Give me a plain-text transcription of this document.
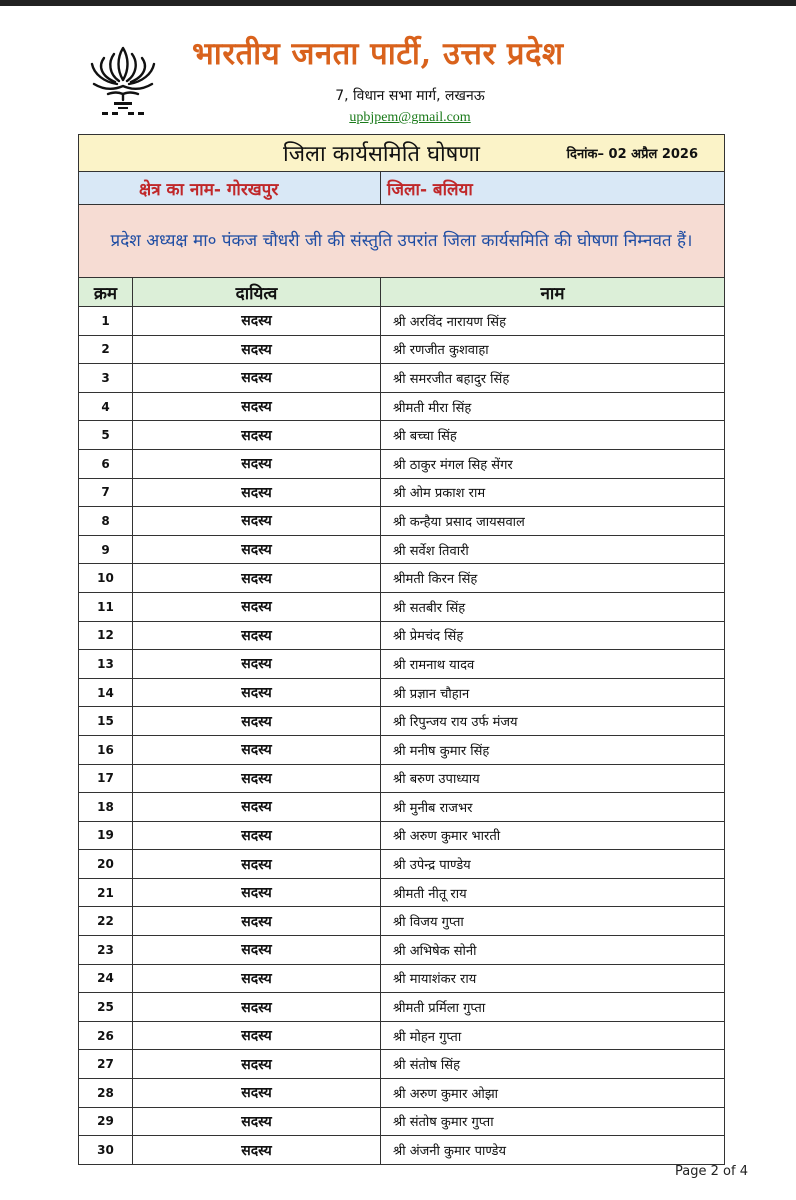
भारतीय जनता पार्टी, उत्तर प्रदेश
7, विधान सभा मार्ग, लखनऊ
upbjpem@gmail.com
जिला कार्यसमिति घोषणा दिनांक– 02 अप्रैल 2026		

क्षेत्र का नाम- गोरखपुर		जिला- बलिया
प्रदेश अध्यक्ष मा० पंकज चौधरी जी की संस्तुति उपरांत जिला कार्यसमिति की घोषणा निम्नवत हैं।		
क्रम	दायित्व	नाम
1	सदस्य	श्री अरविंद नारायण सिंह
2	सदस्य	श्री रणजीत कुशवाहा
3	सदस्य	श्री समरजीत बहादुर सिंह
4	सदस्य	श्रीमती मीरा सिंह
5	सदस्य	श्री बच्चा सिंह
6	सदस्य	श्री ठाकुर मंगल सिह सेंगर
7	सदस्य	श्री ओम प्रकाश राम
8	सदस्य	श्री कन्हैया प्रसाद जायसवाल
9	सदस्य	श्री सर्वेश तिवारी
10	सदस्य	श्रीमती किरन सिंह
11	सदस्य	श्री सतबीर सिंह
12	सदस्य	श्री प्रेमचंद सिंह
13	सदस्य	श्री रामनाथ यादव
14	सदस्य	श्री प्रज्ञान चौहान
15	सदस्य	श्री रिपुन्जय राय उर्फ मंजय
16	सदस्य	श्री मनीष कुमार सिंह
17	सदस्य	श्री बरुण उपाध्याय
18	सदस्य	श्री मुनीब राजभर
19	सदस्य	श्री अरुण कुमार भारती
20	सदस्य	श्री उपेन्द्र पाण्डेय
21	सदस्य	श्रीमती नीतू राय
22	सदस्य	श्री विजय गुप्ता
23	सदस्य	श्री अभिषेक सोनी
24	सदस्य	श्री मायाशंकर राय
25	सदस्य	श्रीमती प्रर्मिला गुप्ता
26	सदस्य	श्री मोहन गुप्ता
27	सदस्य	श्री संतोष सिंह
28	सदस्य	श्री अरुण कुमार ओझा
29	सदस्य	श्री संतोष कुमार गुप्ता
30	सदस्य	श्री अंजनी कुमार पाण्डेय
Page 2 of 4
